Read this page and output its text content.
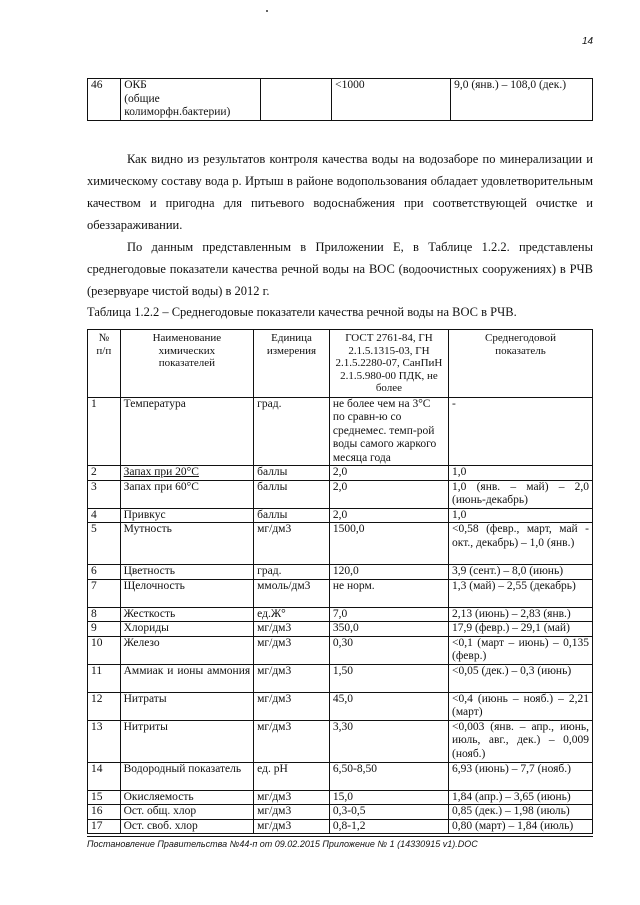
14
46	ОКБ
(общие
колиморфн.бактерии)		<1000	9,0 (янв.) – 108,0 (дек.)

Как видно из результатов контроля качества воды на водозаборе по минерализации и химическому составу вода р. Иртыш в районе водопользования обладает удовлетворительным качеством и пригодна для питьевого водоснабжения при соответствующей очистке и обеззараживании.

По данным представленным в Приложении Е, в Таблице 1.2.2. представлены среднегодовые показатели качества речной воды на ВОС (водоочистных сооружениях) в РЧВ (резервуаре чистой воды) в 2012 г.

Таблица 1.2.2 – Среднегодовые показатели качества речной воды на ВОС в РЧВ.

№
п/п	Наименование
химических
показателей	Единица
измерения	ГОСТ 2761-84, ГН
2.1.5.1315-03, ГН
2.1.5.2280-07, СанПиН
2.1.5.980-00 ПДК, не
более	Среднегодовой
показатель
1	Температура	град.	не более чем на 3°С по сравн-ю со среднемес. темп-рой воды самого жаркого месяца года	-
2	Запах при 20°С	баллы	2,0	1,0
3	Запах при 60°С	баллы	2,0	1,0 (янв. – май) – 2,0 (июнь-декабрь)
4	Привкус	баллы	2,0	1,0
5	Мутность	мг/дм3	1500,0	<0,58 (февр., март, май - окт., декабрь) – 1,0 (янв.)
6	Цветность	град.	120,0	3,9 (сент.) – 8,0 (июнь)
7	Щелочность	ммоль/дм3	не норм.	1,3 (май) – 2,55 (декабрь)
8	Жесткость	ед.Ж°	7,0	2,13 (июнь) – 2,83 (янв.)
9	Хлориды	мг/дм3	350,0	17,9 (февр.) – 29,1 (май)
10	Железо	мг/дм3	0,30	<0,1 (март – июнь) – 0,135 (февр.)
11	Аммиак и ионы аммония	мг/дм3	1,50	<0,05 (дек.) – 0,3 (июнь)
12	Нитраты	мг/дм3	45,0	<0,4 (июнь – нояб.) – 2,21 (март)
13	Нитриты	мг/дм3	3,30	<0,003 (янв. – апр., июнь, июль, авг., дек.) – 0,009 (нояб.)
14	Водородный показатель	ед. рН	6,50-8,50	6,93 (июнь) – 7,7 (нояб.)
15	Окисляемость	мг/дм3	15,0	1,84 (апр.) – 3,65 (июнь)
16	Ост. общ. хлор	мг/дм3	0,3-0,5	0,85 (дек.) – 1,98 (июль)
17	Ост. своб. хлор	мг/дм3	0,8-1,2	0,80 (март) – 1,84 (июль)
Постановление Правительства №44-п от 09.02.2015 Приложение № 1 (14330915 v1).DOC
